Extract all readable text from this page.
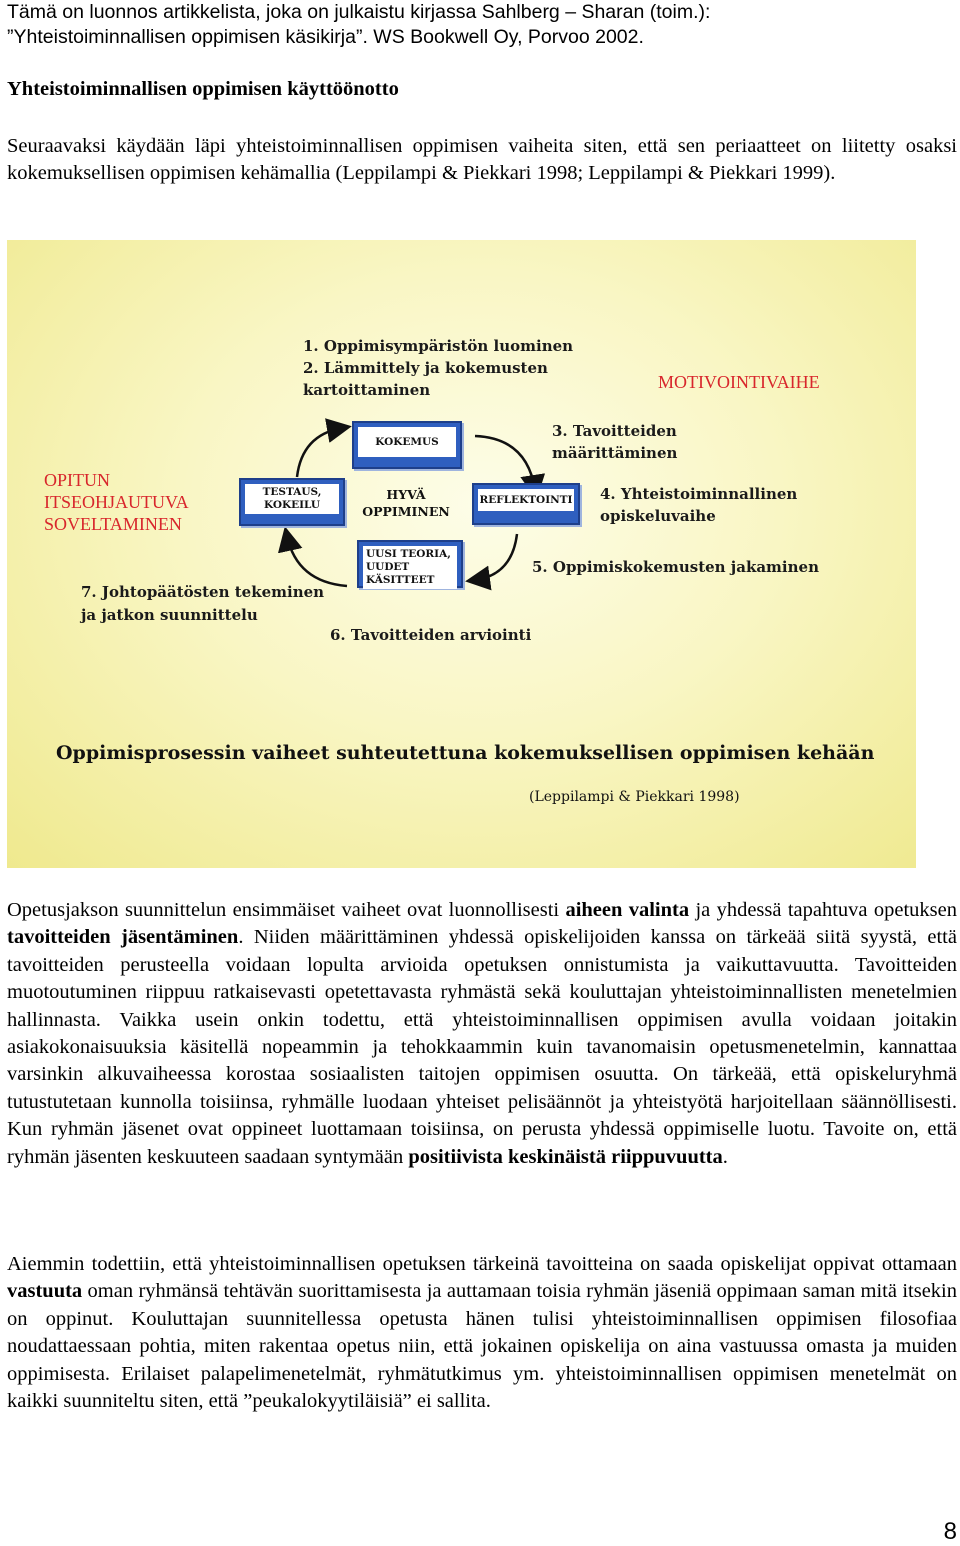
Tämä on luonnos artikkelista, joka on julkaistu kirjassa Sahlberg – Sharan (toim.):
”Yhteistoiminnallisen oppimisen käsikirja”. WS Bookwell Oy, Porvoo 2002.
Yhteistoiminnallisen oppimisen käyttöönotto
Seuraavaksi käydään läpi yhteistoiminnallisen oppimisen vaiheita siten, että sen periaatteet on liitetty osaksi kokemuksellisen oppimisen kehämallia (Leppilampi & Piekkari 1998; Leppilampi & Piekkari 1999).
1. Oppimisympäristön luominen
2. Lämmittely ja kokemusten
kartoittaminen	MOTIVOINTIVAIHE
3. Tavoitteiden
määrittäminen
4. Yhteistoiminnallinen
opiskeluvaihe
5. Oppimiskokemusten jakaminen
6. Tavoitteiden arviointi
7. Johtopäätösten tekeminen
ja jatkon suunnittelu
OPITUN
ITSEOHJAUTUVA
SOVELTAMINEN
KOKEMUS
TESTAUS, KOKEILU	REFLEKTOINTI
UUSI TEORIA, UUDET KÄSITTEET
HYVÄ
OPPIMINEN
Oppimisprosessin vaiheet suhteutettuna kokemuksellisen oppimisen kehään
(Leppilampi & Piekkari 1998)
Opetusjakson suunnittelun ensimmäiset vaiheet ovat luonnollisesti aiheen valinta ja yhdessä tapahtuva opetuksen tavoitteiden jäsentäminen. Niiden määrittäminen yhdessä opiskelijoiden kanssa on tärkeää siitä syystä, että tavoitteiden perusteella voidaan lopulta arvioida opetuksen onnistumista ja vaikuttavuutta. Tavoitteiden muotoutuminen riippuu ratkaisevasti opetettavasta ryhmästä sekä kouluttajan yhteistoiminnallisten menetelmien hallinnasta. Vaikka usein onkin todettu, että yhteistoiminnallisen oppimisen avulla voidaan joitakin asiakokonaisuuksia käsitellä nopeammin ja tehokkaammin kuin tavanomaisin opetusmenetelmin, kannattaa varsinkin alkuvaiheessa korostaa sosiaalisten taitojen oppimisen osuutta. On tärkeää, että opiskeluryhmä tutustutetaan kunnolla toisiinsa, ryhmälle luodaan yhteiset pelisäännöt ja yhteistyötä harjoitellaan säännöllisesti. Kun ryhmän jäsenet ovat oppineet luottamaan toisiinsa, on perusta yhdessä oppimiselle luotu. Tavoite on, että ryhmän jäsenten keskuuteen saadaan syntymään positiivista keskinäistä riippuvuutta.
Aiemmin todettiin, että yhteistoiminnallisen opetuksen tärkeinä tavoitteina on saada opiskelijat oppivat ottamaan vastuuta oman ryhmänsä tehtävän suorittamisesta ja auttamaan toisia ryhmän jäseniä oppimaan saman mitä itsekin on oppinut. Kouluttajan suunnitellessa opetusta hänen tulisi yhteistoiminnallisen oppimisen filosofiaa noudattaessaan pohtia, miten rakentaa opetus niin, että jokainen opiskelija on aina vastuussa omasta ja muiden oppimisesta. Erilaiset palapelimenetelmät, ryhmätutkimus ym. yhteistoiminnallisen oppimisen menetelmät on kaikki suunniteltu siten, että ”peukalokyytiläisiä” ei sallita.
8
